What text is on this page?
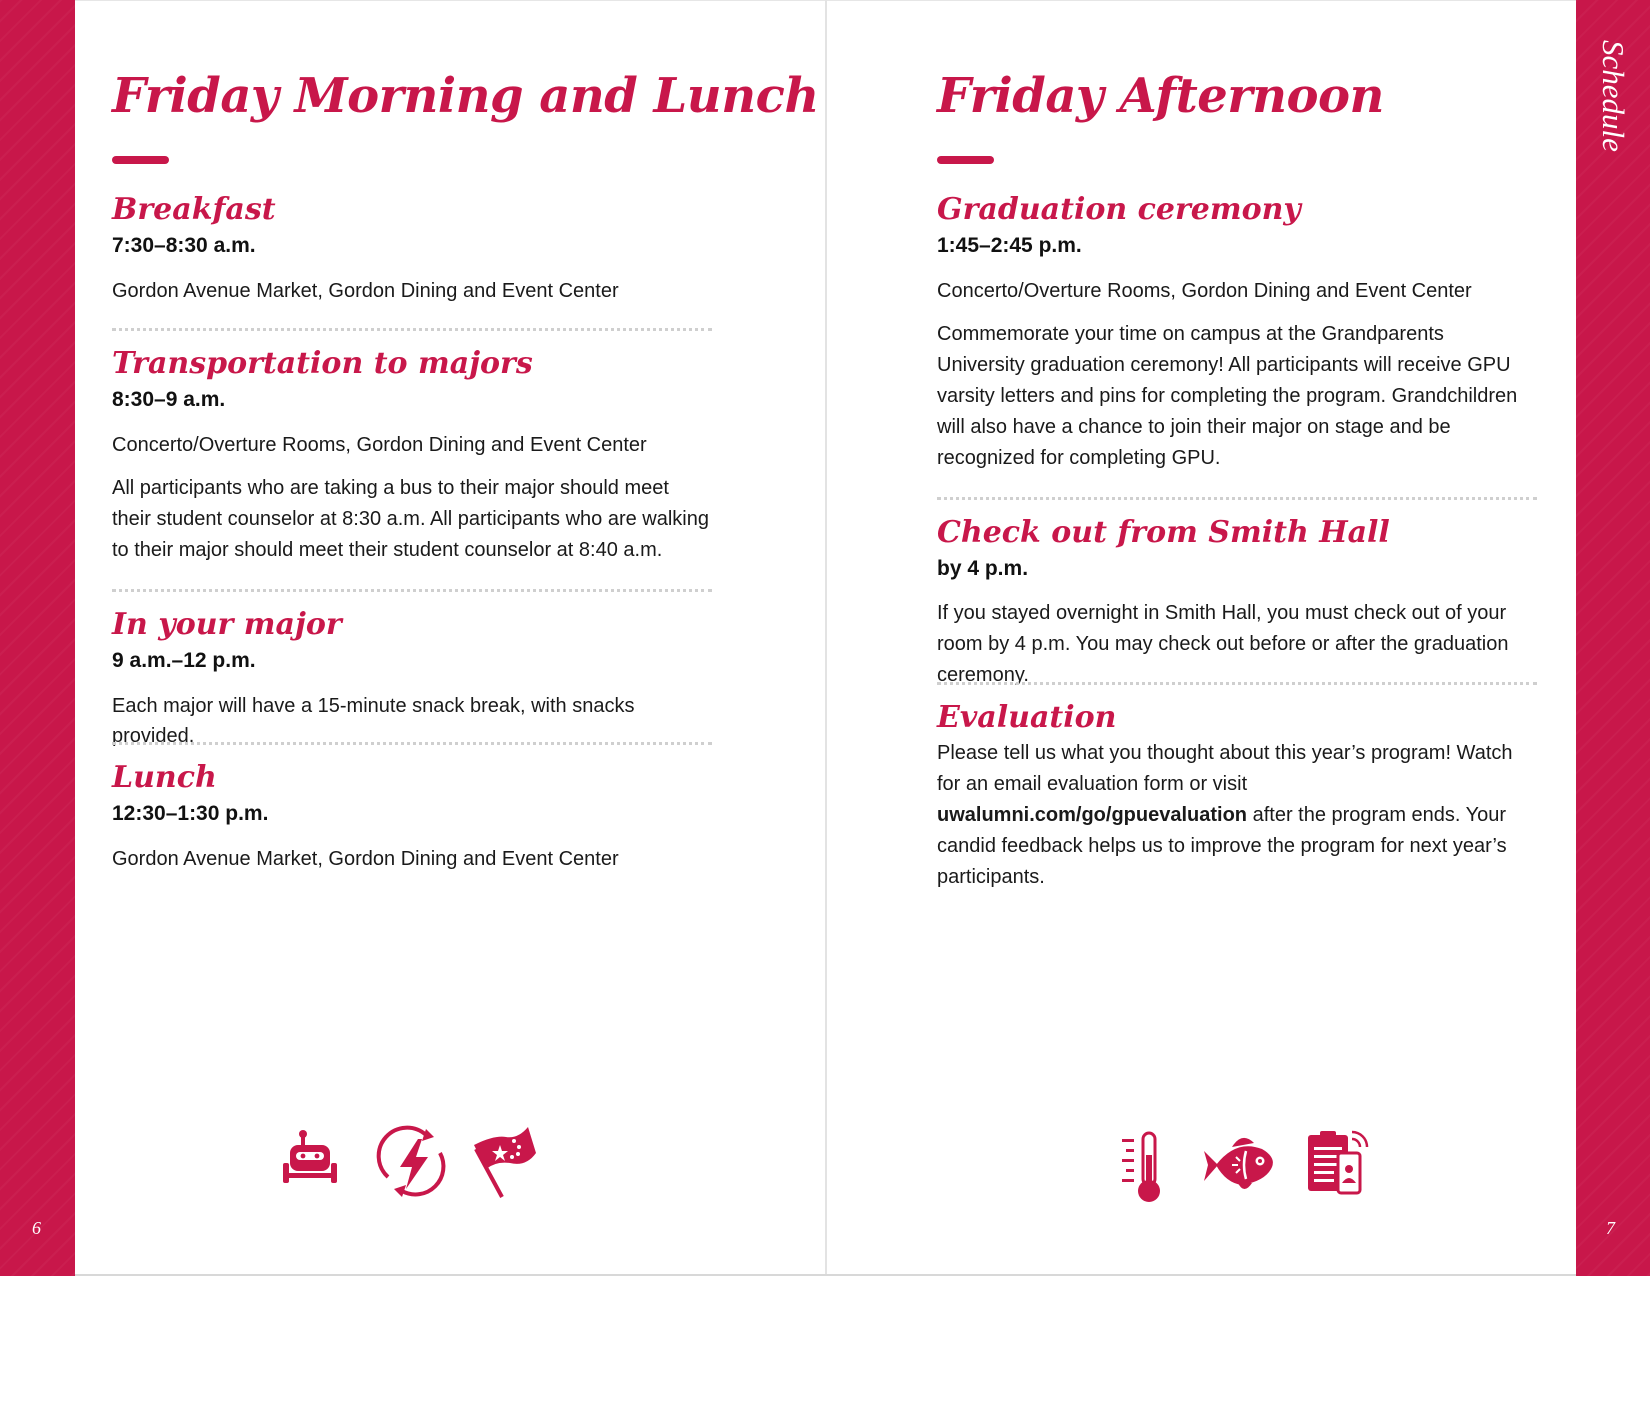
6	7
Schedule
Friday Morning and Lunch
Breakfast
7:30–8:30 a.m.

Gordon Avenue Market, Gordon Dining and Event Center

Transportation to majors
8:30–9 a.m.

Concerto/Overture Rooms, Gordon Dining and Event Center

All participants who are taking a bus to their major should meet their student counselor at 8:30 a.m. All participants who are walking to their major should meet their student counselor at 8:40 a.m.

In your major
9 a.m.–12 p.m.

Each major will have a 15-minute snack break, with snacks provided.

Lunch
12:30–1:30 p.m.

Gordon Avenue Market, Gordon Dining and Event Center

Friday Afternoon
Graduation ceremony
1:45–2:45 p.m.

Concerto/Overture Rooms, Gordon Dining and Event Center

Commemorate your time on campus at the Grandparents University graduation ceremony! All participants will receive GPU varsity letters and pins for completing the program. Grandchildren will also have a chance to join their major on stage and be recognized for completing GPU.

Check out from Smith Hall
by 4 p.m.

If you stayed overnight in Smith Hall, you must check out of your room by 4 p.m. You may check out before or after the graduation ceremony.

Evaluation

Please tell us what you thought about this year’s program! Watch for an email evaluation form or visit uwalumni.com/go/gpuevaluation after the program ends. Your candid feedback helps us to improve the program for next year’s participants.
